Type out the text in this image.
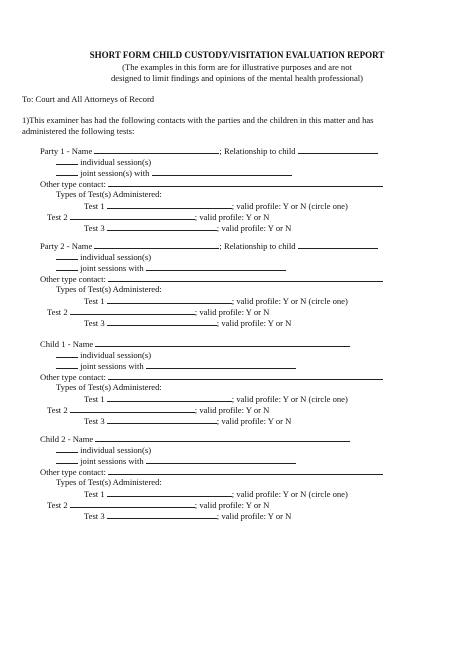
SHORT FORM CHILD CUSTODY/VISITATION EVALUATION REPORT
(The examples in this form are for illustrative purposes and are not
designed to limit findings and opinions of the mental health professional)
To: Court and All Attorneys of Record
1)This examiner has had the following contacts with the parties and the children in this matter and has
administered the following tests:
Party 1 - Name	; Relationship to child
individual session(s)
joint session(s) with
Other type contact:
Types of Test(s) Administered:
Test 1	; valid profile: Y or N (circle one)
Test 2	; valid profile: Y or N
Test 3	; valid profile: Y or N
Party 2 - Name	; Relationship to child
individual session(s)
joint sessions with
Other type contact:
Types of Test(s) Administered:
Test 1	; valid profile: Y or N (circle one)
Test 2	; valid profile: Y or N
Test 3	; valid profile: Y or N
Child 1 - Name
individual session(s)
joint sessions with
Other type contact:
Types of Test(s) Administered:
Test 1	; valid profile: Y or N (circle one)
Test 2	; valid profile: Y or N
Test 3	; valid profile: Y or N
Child 2 - Name
individual session(s)
joint sessions with
Other type contact:
Types of Test(s) Administered:
Test 1	; valid profile: Y or N (circle one)
Test 2	; valid profile: Y or N
Test 3	; valid profile: Y or N
